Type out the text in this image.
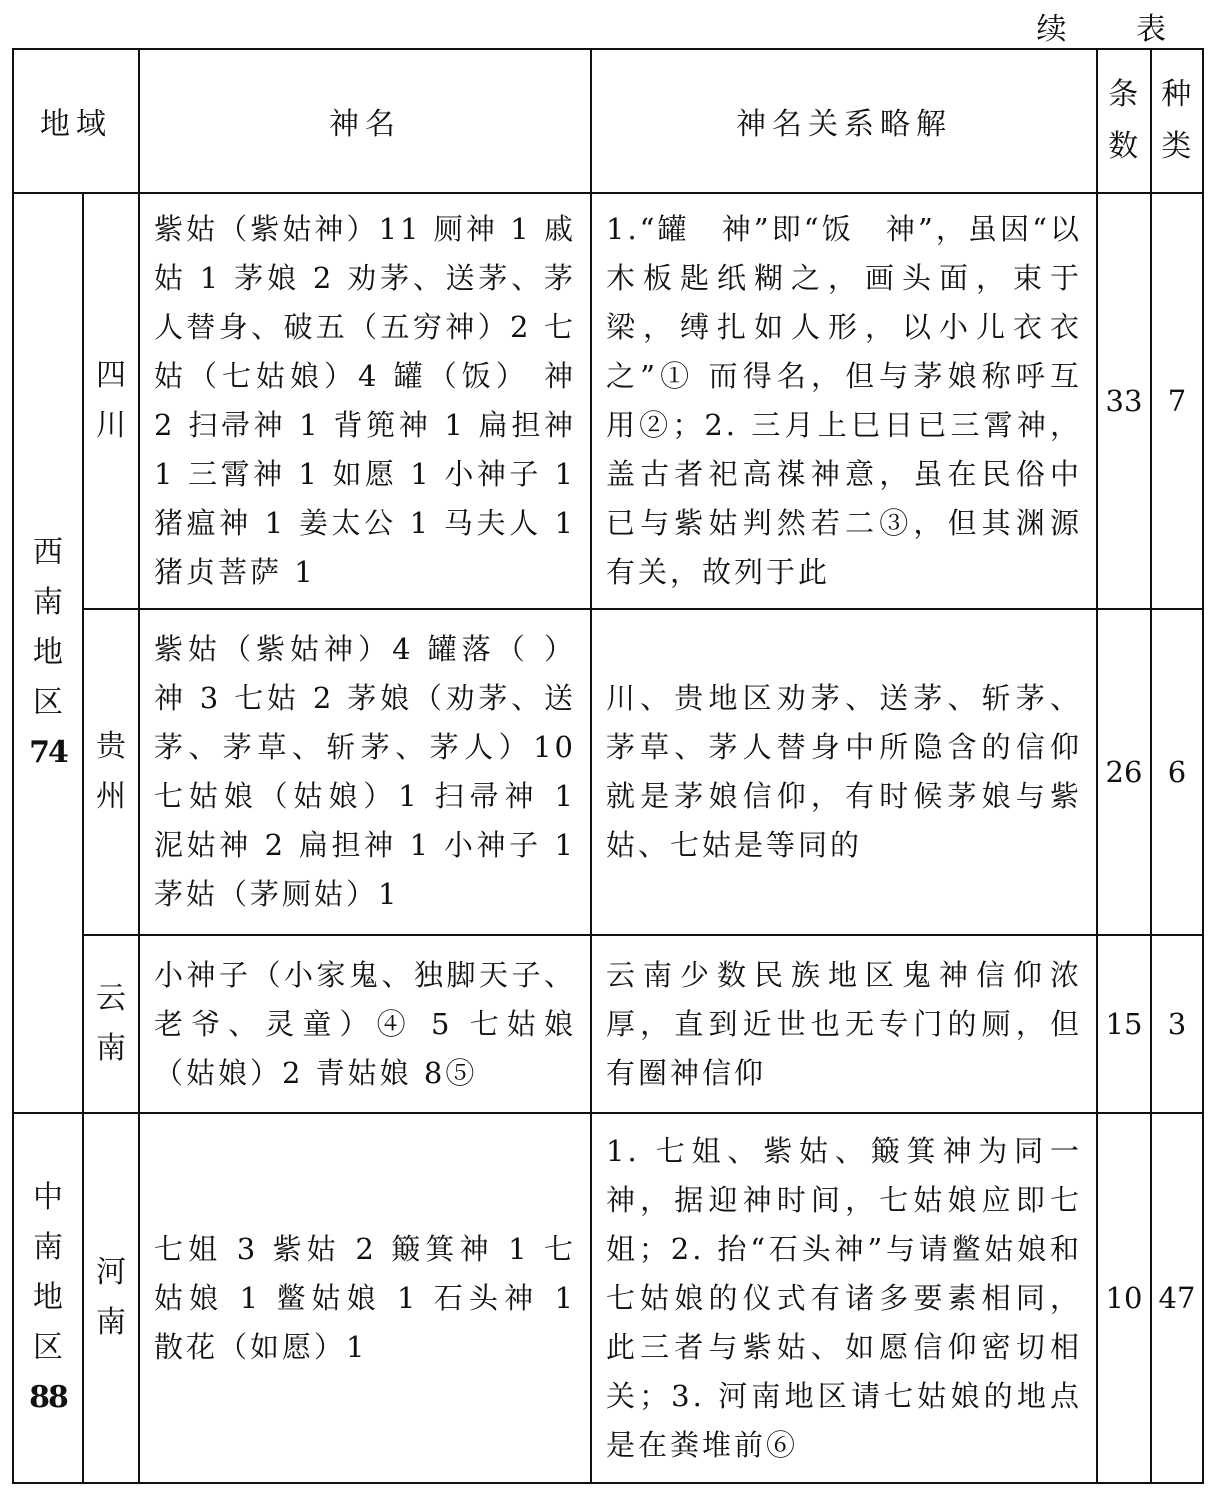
续 表
地域		神名	神名关系略解	条数	种类
西南地区
74	四川	紫姑（紫姑神）11 厕神 1 戚姑 1 茅娘 2 劝茅、送茅、茅人替身、破五（五穷神）2 七姑（七姑娘）4 罐（饭） 神 2 扫帚神 1 背篼神 1 扁担神 1 三霄神 1 如愿 1 小神子 1 猪瘟神 1 姜太公 1 马夫人 1 猪贞菩萨 1	1.“罐　神”即“饭　神”，虽因“以木板匙纸糊之，画头面，束于　梁，缚扎如人形，以小儿衣衣之”① 而得名，但与茅娘称呼互用②；2. 三月上巳日已三霄神，盖古者祀高禖神意，虽在民俗中已与紫姑判然若二③，但其渊源有关，故列于此	33	7
	贵州	紫姑（紫姑神）4 罐落（ ）神 3 七姑 2 茅娘（劝茅、送茅、茅草、斩茅、茅人）10 七姑娘（姑娘）1 扫帚神 1 泥姑神 2 扁担神 1 小神子 1 茅姑（茅厕姑）1	川、贵地区劝茅、送茅、斩茅、茅草、茅人替身中所隐含的信仰就是茅娘信仰，有时候茅娘与紫姑、七姑是等同的	26	6
	云南	小神子（小家鬼、独脚天子、老爷、灵童）④ 5 七姑娘（姑娘）2 青姑娘 8⑤	云南少数民族地区鬼神信仰浓厚，直到近世也无专门的厕，但有圈神信仰	15	3
中南地区
88	河南	七姐 3 紫姑 2 簸箕神 1 七姑娘 1 鳖姑娘 1 石头神 1 散花（如愿）1	1. 七姐、紫姑、簸箕神为同一神，据迎神时间，七姑娘应即七姐；2. 抬“石头神”与请鳖姑娘和七姑娘的仪式有诸多要素相同，此三者与紫姑、如愿信仰密切相关；3. 河南地区请七姑娘的地点是在粪堆前⑥	10	47
